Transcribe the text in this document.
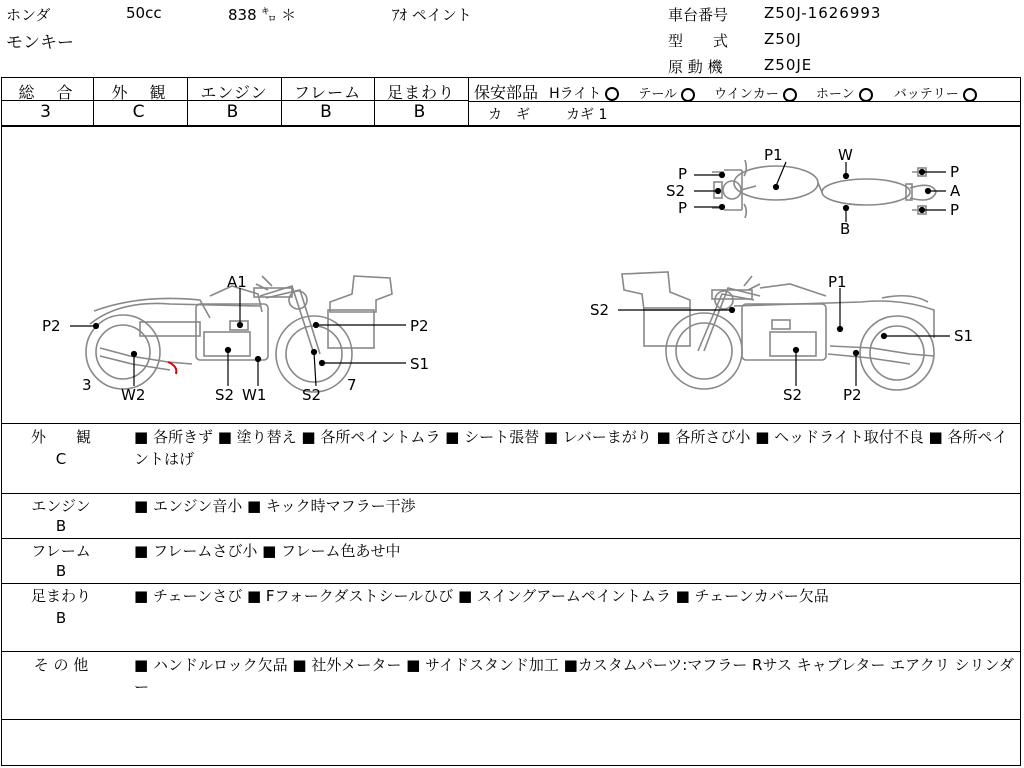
ホンダ	50cc	838 ㌔ ＊	ｱｵ ペイント
モンキー
車台番号 Z50J-1626993
型　　式 Z50J
原 動 機	Z50JE
総　合
3
外　観
C
エンジン
B
フレーム
B
足まわり
B
保安部品 Hライト	テール	ウインカー	ホーン	バッテリー
カ　ギ	カギ 1
P1	W
P
S2
P
A
P
P
B
A1
P2	P2
S1
3
W2	S2 W1 S2
7
P1
S2
S1
S2	P2
外　　観
C
■ 各所きず ■ 塗り替え ■ 各所ペイントムラ ■ シート張替 ■ レバーまがり ■ 各所さび小 ■ ヘッドライト取付不良 ■ 各所ペイントはげ
エンジン
B
■ エンジン音小 ■ キック時マフラー干渉
フレーム
B
■ フレームさび小 ■ フレーム色あせ中
足まわり
B
■ チェーンさび ■ Fフォークダストシールひび ■ スイングアームペイントムラ ■ チェーンカバー欠品
そ の 他	■ ハンドルロック欠品 ■ 社外メーター ■ サイドスタンド加工 ■カスタムパーツ:マフラー Rサス キャブレター エアクリ シリンダー
